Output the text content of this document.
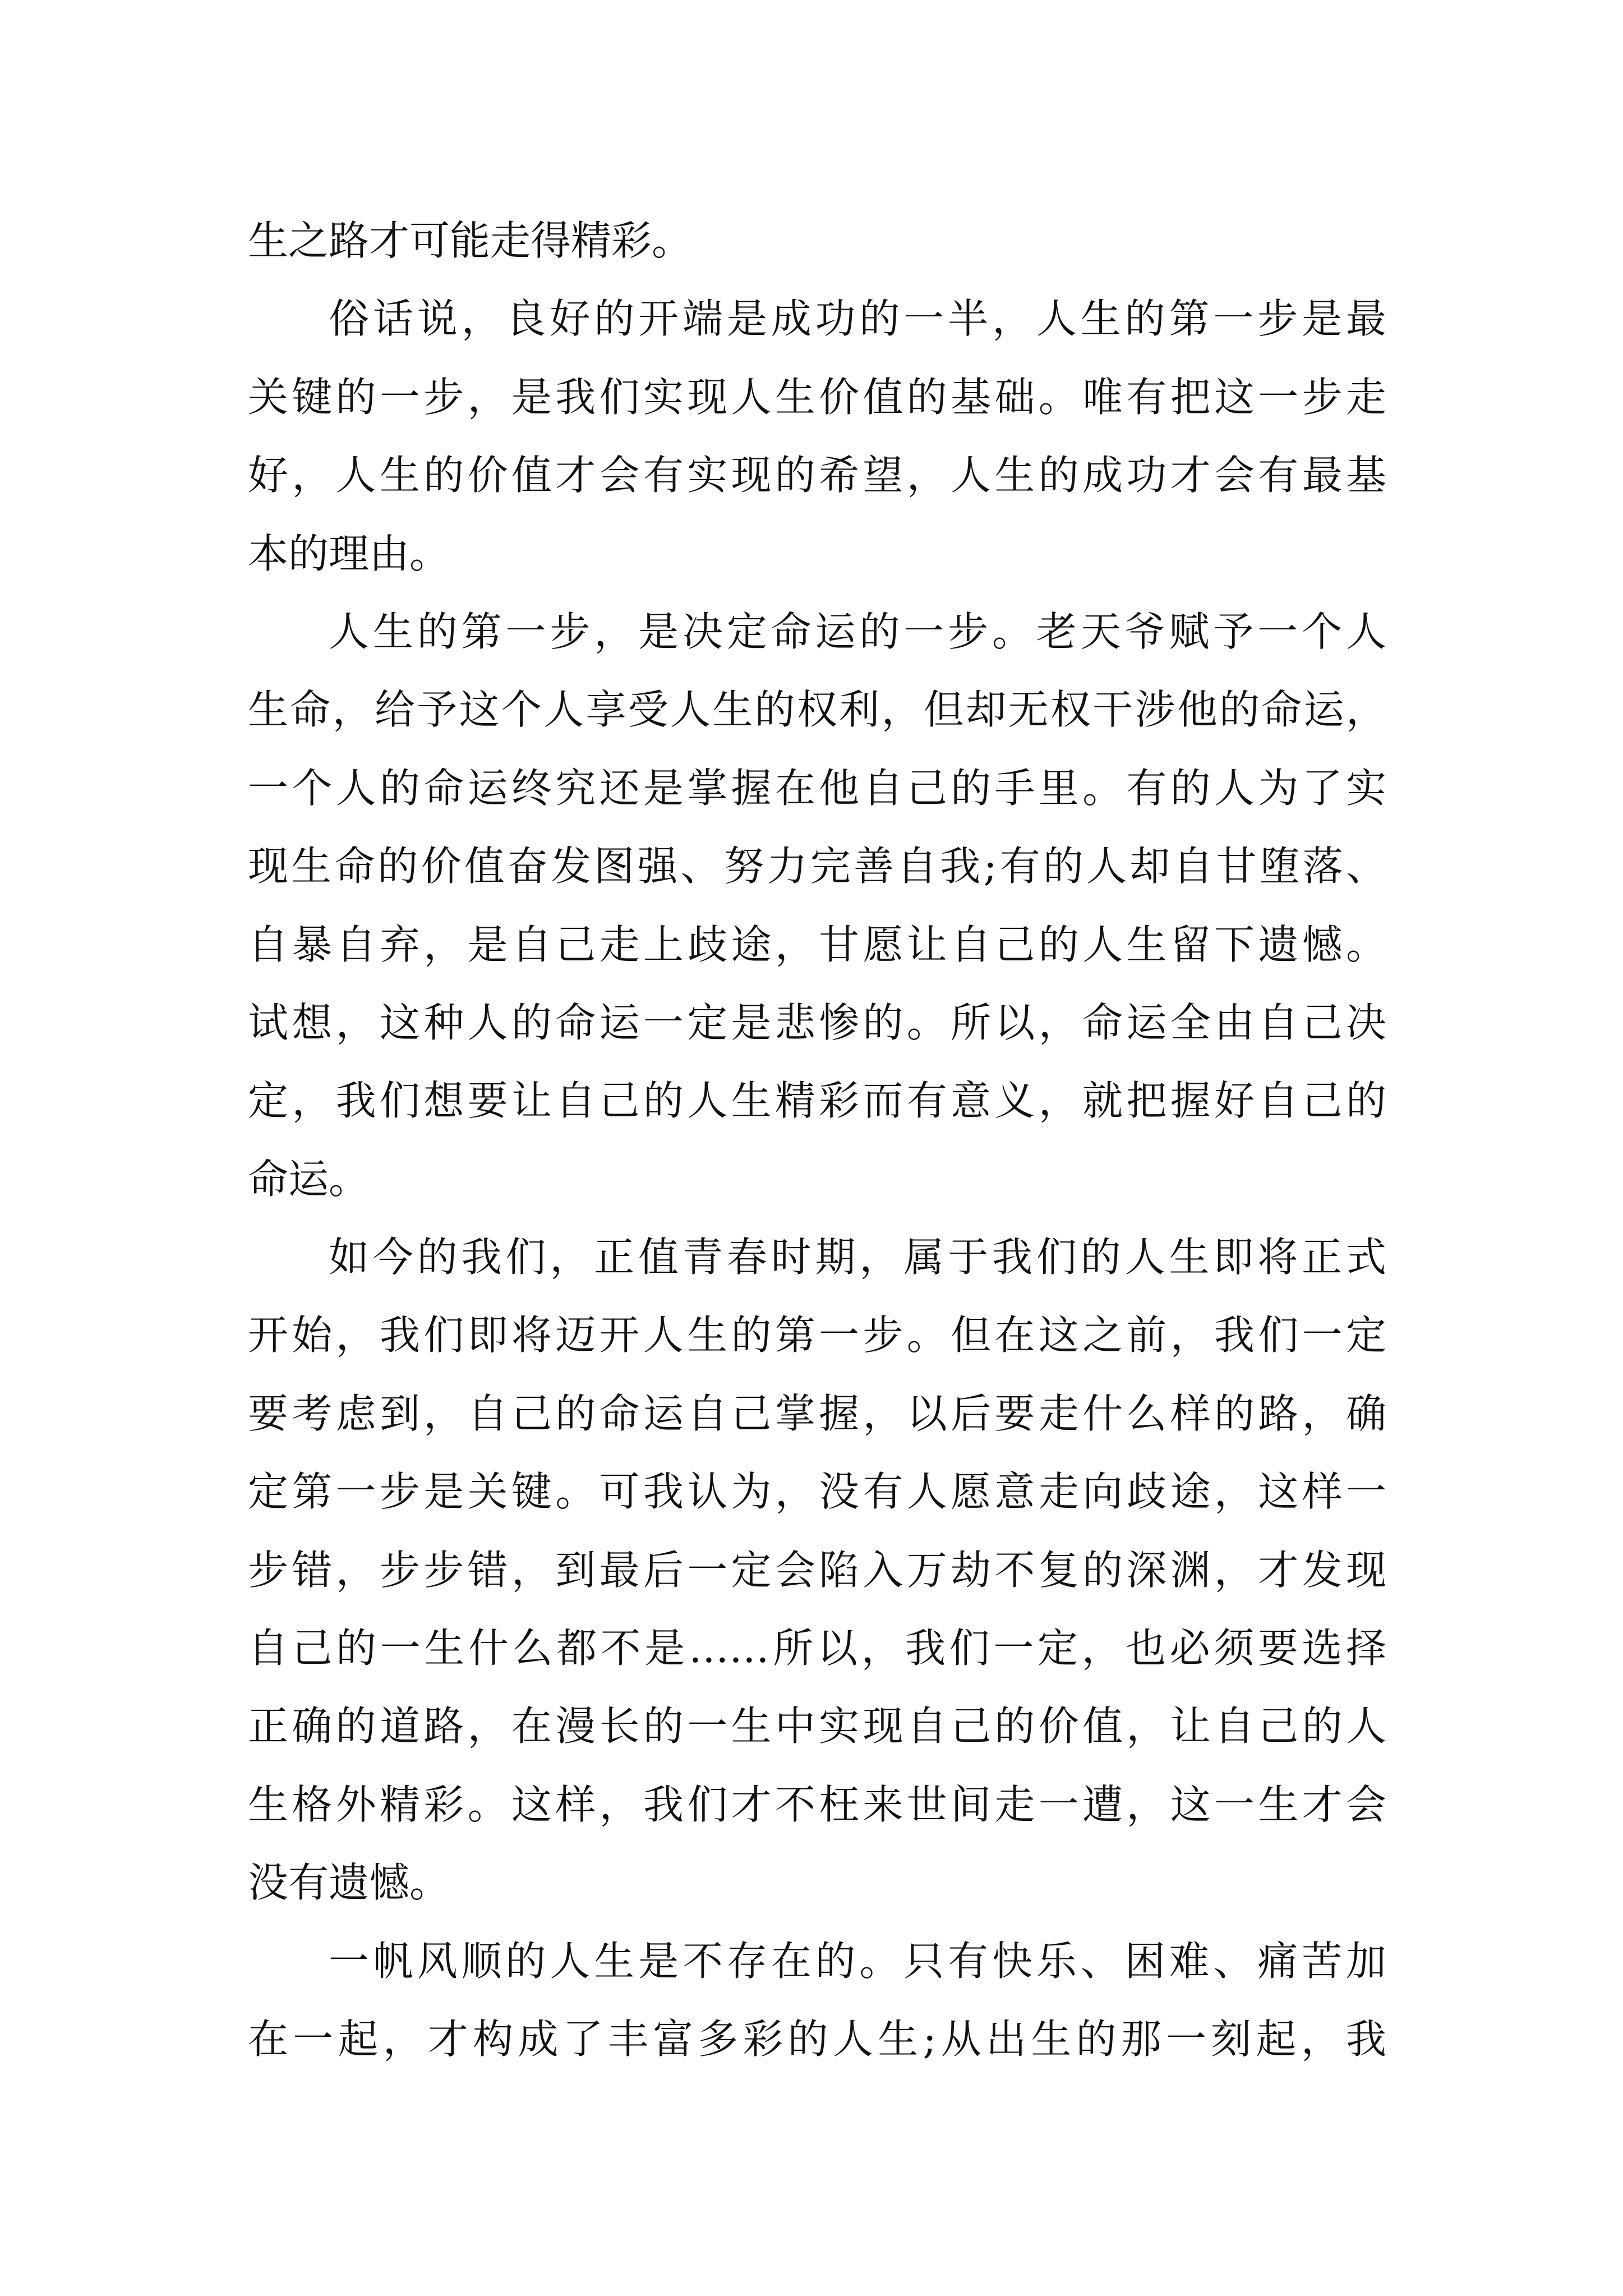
生之路才可能走得精彩。
俗话说，良好的开端是成功的一半，人生的第一步是最
关键的一步，是我们实现人生价值的基础。唯有把这一步走
好，人生的价值才会有实现的希望，人生的成功才会有最基
本的理由。
人生的第一步，是决定命运的一步。老天爷赋予一个人
生命，给予这个人享受人生的权利，但却无权干涉他的命运，
一个人的命运终究还是掌握在他自己的手里。有的人为了实
现生命的价值奋发图强、努力完善自我;有的人却自甘堕落、
自暴自弃，是自己走上歧途，甘愿让自己的人生留下遗憾。
试想，这种人的命运一定是悲惨的。所以，命运全由自己决
定，我们想要让自己的人生精彩而有意义，就把握好自己的
命运。
如今的我们，正值青春时期，属于我们的人生即将正式
开始，我们即将迈开人生的第一步。但在这之前，我们一定
要考虑到，自己的命运自己掌握，以后要走什么样的路，确
定第一步是关键。可我认为，没有人愿意走向歧途，这样一
步错，步步错，到最后一定会陷入万劫不复的深渊，才发现
自己的一生什么都不是……所以，我们一定，也必须要选择
正确的道路，在漫长的一生中实现自己的价值，让自己的人
生格外精彩。这样，我们才不枉来世间走一遭，这一生才会
没有遗憾。
一帆风顺的人生是不存在的。只有快乐、困难、痛苦加
在一起，才构成了丰富多彩的人生;从出生的那一刻起，我
